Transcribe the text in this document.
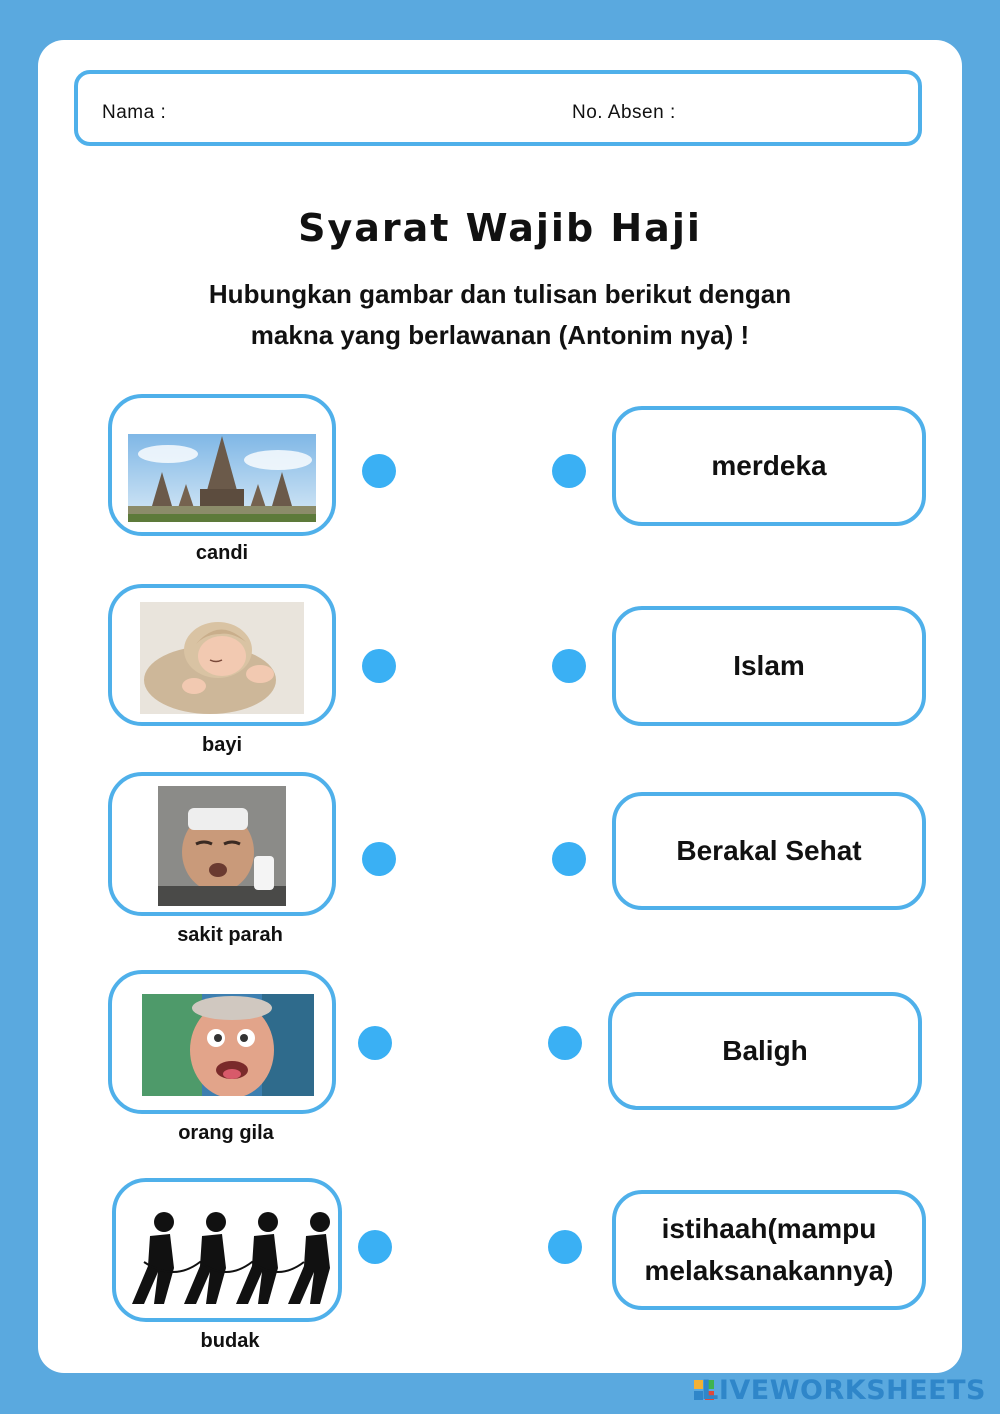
Nama :	No. Absen :
Syarat Wajib Haji
Hubungkan gambar dan tulisan berikut dengan
makna yang berlawanan (Antonim nya) !
candi
merdeka
bayi
Islam
sakit parah
Berakal Sehat
orang gila
Baligh
budak
istihaah(mampu
melaksanakannya)
LIVEWORKSHEETS
